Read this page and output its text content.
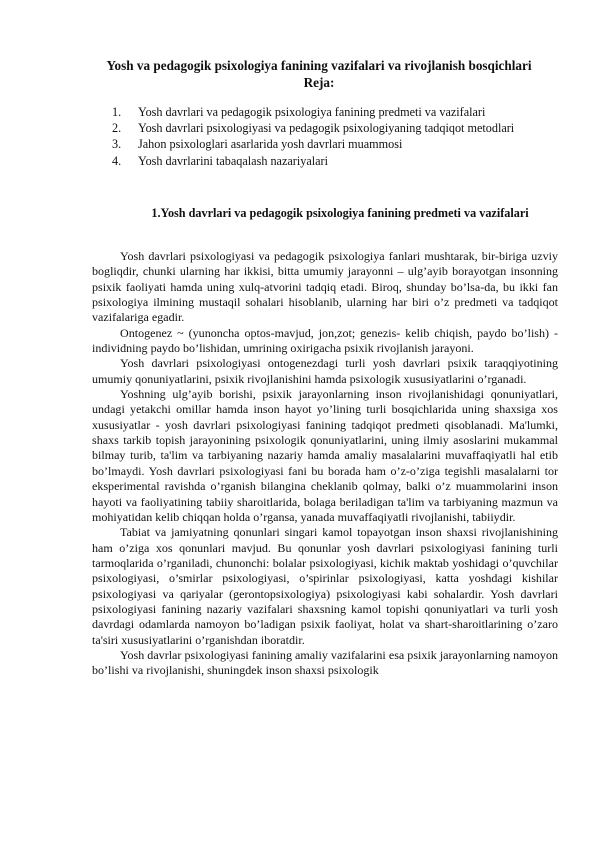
Yosh va pedagogik psixologiya fanining vazifalari va rivojlanish bosqichlari
Reja:
1. Yosh davrlari va pedagogik psixologiya fanining predmeti va vazifalari
2. Yosh davrlari psixologiyasi va pedagogik psixologiyaning tadqiqot metodlari
3. Jahon psixologlari asarlarida yosh davrlari muammosi
4. Yosh davrlarini tabaqalash nazariyalari
1.Yosh davrlari va pedagogik psixologiya fanining predmeti va vazifalari

Yosh davrlari psixologiyasi va pedagogik psixologiya fanlari mushtarak, bir-biriga uzviy bogliqdir, chunki ularning har ikkisi, bitta umumiy jarayonni – ulg’ayib borayotgan insonning psixik faoliyati hamda uning xulq-atvorini tadqiq etadi. Biroq, shunday bo’lsa-da, bu ikki fan psixologiya ilmining mustaqil sohalari hisoblanib, ularning har biri o’z predmeti va tadqiqot vazifalariga egadir.

Ontogenez ~ (yunoncha optos-mavjud, jon,zot; genezis- kelib chiqish, paydo bo’lish) - individning paydo bo’lishidan, umrining oxirigacha psixik rivojlanish jarayoni.

Yosh davrlari psixologiyasi ontogenezdagi turli yosh davrlari psixik taraqqiyotining umumiy qonuniyatlarini, psixik rivojlanishini hamda psixologik xususiyatlarini o’rganadi.

Yoshning ulg’ayib borishi, psixik jarayonlarning inson rivojlanishidagi qonuniyatlari, undagi yetakchi omillar hamda inson hayot yo’lining turli bosqichlarida uning shaxsiga xos xususiyatlar - yosh davrlari psixologiyasi fanining tadqiqot predmeti qisoblanadi. Ma'lumki, shaxs tarkib topish jarayonining psixologik qonuniyatlarini, uning ilmiy asoslarini mukammal bilmay turib, ta'lim va tarbiyaning nazariy hamda amaliy masalalarini muvaffaqiyatli hal etib bo’lmaydi. Yosh davrlari psixologiyasi fani bu borada ham o’z-o’ziga tegishli masalalarni tor eksperimental ravishda o’rganish bilangina cheklanib qolmay, balki o’z muammolarini inson hayoti va faoliyatining tabiiy sharoitlarida, bolaga beriladigan ta'lim va tarbiyaning mazmun va mohiyatidan kelib chiqqan holda o’rgansa, yanada muvaffaqiyatli rivojlanishi, tabiiydir.

Tabiat va jamiyatning qonunlari singari kamol topayotgan inson shaxsi rivojlanishining ham o’ziga xos qonunlari mavjud. Bu qonunlar yosh davrlari psixologiyasi fanining turli tarmoqlarida o’rganiladi, chunonchi: bolalar psixologiyasi, kichik maktab yoshidagi o’quvchilar psixologiyasi, o’smirlar psixologiyasi, o’spirinlar psixologiyasi, katta yoshdagi kishilar psixologiyasi va qariyalar (gerontopsixologiya) psixologiyasi kabi sohalardir. Yosh davrlari psixologiyasi fanining nazariy vazifalari shaxsning kamol topishi qonuniyatlari va turli yosh davrdagi odamlarda namoyon bo’ladigan psixik faoliyat, holat va shart-sharoitlarining o’zaro ta'siri xususiyatlarini o’rganishdan iboratdir.

Yosh davrlar psixologiyasi fanining amaliy vazifalarini esa psixik jarayonlarning namoyon bo’lishi va rivojlanishi, shuningdek inson shaxsi psixologik
